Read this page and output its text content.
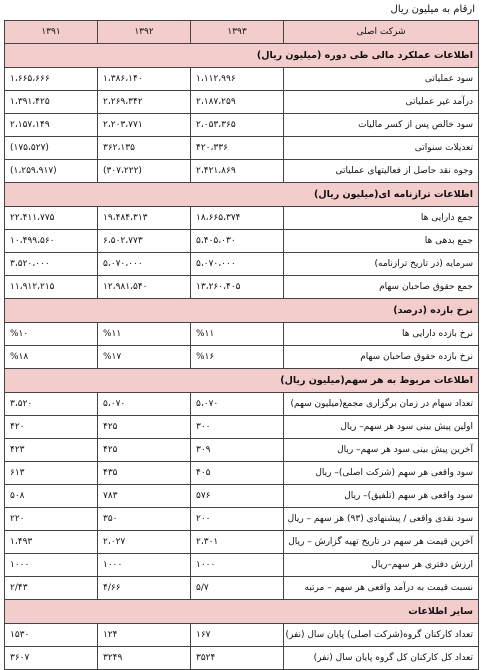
ارقام به میلیون ریال
شرکت اصلی	۱۳۹۳	۱۳۹۲	۱۳۹۱
اطلاعات عملکرد مالی طی دوره (میلیون ریال)			
سود عملیاتی	۱،۱۱۲،۹۹۶	۱،۳۸۶،۱۴۰	۱،۶۶۵،۶۶۶
درآمد غیر عملیاتی	۲،۱۸۷،۲۵۹	۲،۲۶۹،۳۴۲	۱،۳۹۱،۴۲۵
سود خالص پس از کسر مالیات	۲،۰۵۳،۳۶۵	۲،۲۰۳،۷۷۱	۲،۱۵۷،۱۴۹
تعدیلات سنواتی	۴۲۰،۳۳۶	۳۶۲،۱۳۵	(۱۷۵،۵۲۷)
وجوه نقد حاصل از فعالیتهای عملیاتی	۲،۴۲۱،۸۶۹	(۳۰۷،۲۲۲)	(۱،۲۵۹،۹۱۷)
اطلاعات ترازنامه ای(میلیون ریال)			
جمع دارایی ها	۱۸،۶۶۵،۳۷۴	۱۹،۴۸۴،۳۱۳	۲۲،۴۱۱،۷۷۵
جمع بدهی ها	۵،۴۰۵،۰۳۰	۶،۵۰۲،۷۷۳	۱۰،۴۹۹،۵۶۰
سرمایه (در تاریخ ترازنامه)	۵،۰۷۰،۰۰۰	۵،۰۷۰،۰۰۰	۳،۵۲۰،۰۰۰
جمع حقوق صاحبان سهام	۱۳،۲۶۰،۴۰۵	۱۲،۹۸۱،۵۴۰	۱۱،۹۱۲،۲۱۵
نرخ بازده (درصد)			
نرخ بازده دارایی ها	%۱۱	%۱۱	%۱۰
نرخ بازده حقوق صاحبان سهام	%۱۶	%۱۷	%۱۸
اطلاعات مربوط به هر سهم(میلیون ریال)			
تعداد سهام در زمان برگزاری مجمع(میلیون سهم)	۵،۰۷۰	۵،۰۷۰	۳،۵۲۰
اولین پیش بینی سود هر سهم– ریال	۳۰۰	۴۲۵	۴۲۰
آخرین پیش بینی سود هر سهم– ریال	۳۰۹	۴۲۵	۴۲۳
سود واقعی هر سهم (شرکت اصلی)– ریال	۴۰۵	۴۳۵	۶۱۳
سود واقعی هر سهم (تلفیق)– ریال	۵۷۶	۷۸۳	۵۰۸
سود نقدی واقعی / پیشنهادی (۹۳) هر سهم – ریال	۲۰۰	۳۵۰	۲۲۰
آخرین قیمت هر سهم در تاریخ تهیه گزارش – ریال	۲،۳۰۱	۲،۰۲۷	۱،۴۹۳
ارزش دفتری هر سهم–ریال	۱۰۰۰	۱۰۰۰	۱۰۰۰
نسبت قیمت به درآمد واقعی هر سهم – مرتبه	۵/۷	۴/۶۶	۲/۴۳
سایر اطلاعات			
تعداد کارکنان گروه(شرکت اصلی) پایان سال (نفر)	۱۶۷	۱۲۴	۱۵۳۰
تعداد کل کارکنان کل گروه پایان سال (نفر)	۳۵۲۴	۳۲۴۹	۳۶۰۷
